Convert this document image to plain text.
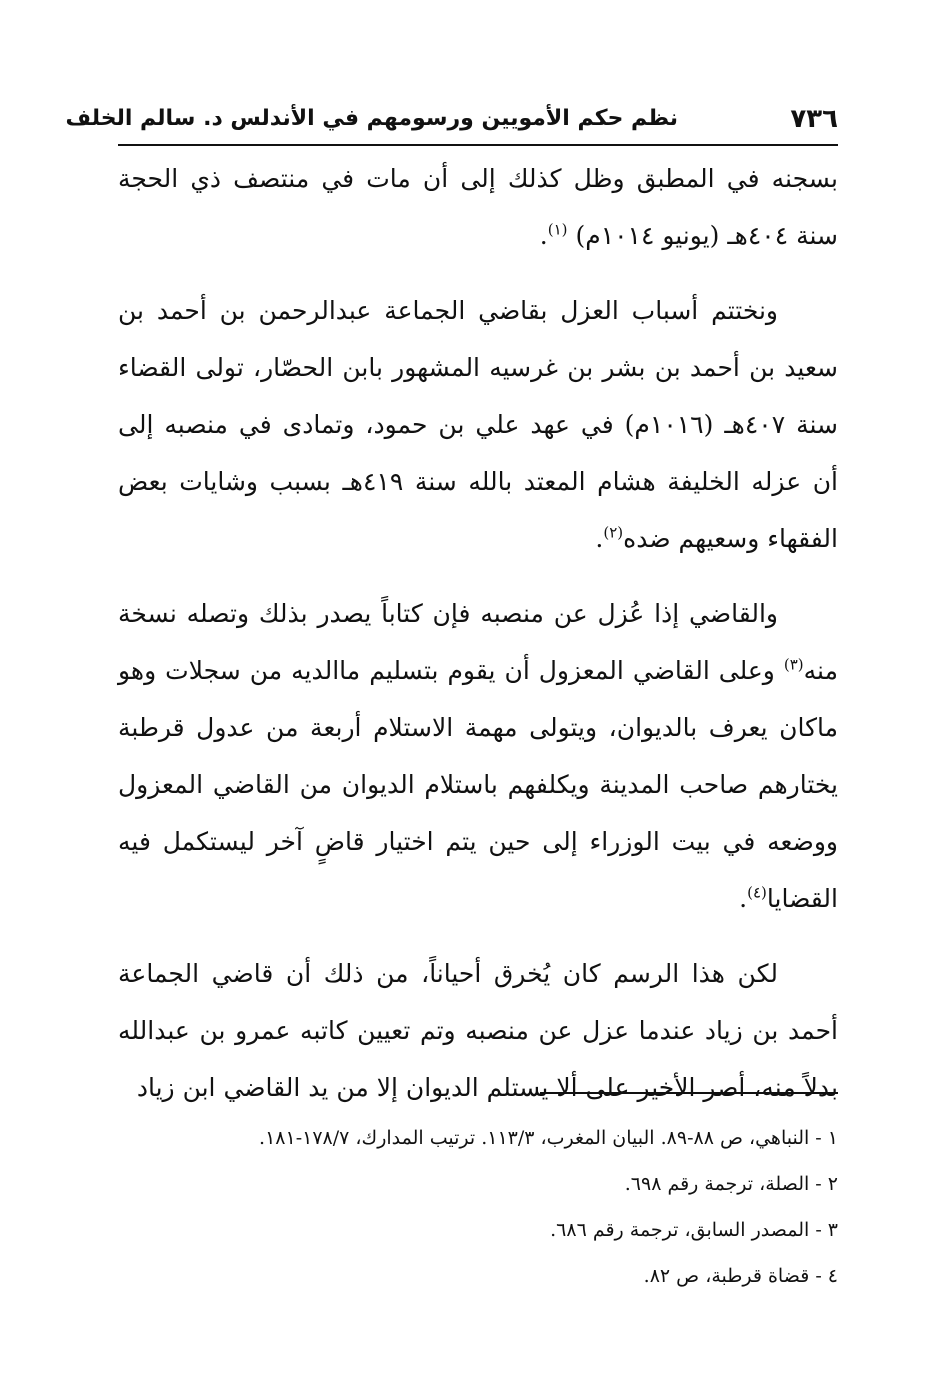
٧٣٦
نظم حكم الأمويين ورسومهم في الأندلس د. سالم الخلف

بسجنه في المطبق وظل كذلك إلى أن مات في منتصف ذي الحجة سنة ٤٠٤هـ (يونيو ١٠١٤م) $^{(١)}$.

ونختتم أسباب العزل بقاضي الجماعة عبدالرحمن بن أحمد بن سعيد بن أحمد بن بشر بن غرسيه المشهور بابن الحصّار، تولى القضاء سنة ٤٠٧هـ (١٠١٦م) في عهد علي بن حمود، وتمادى في منصبه إلى أن عزله الخليفة هشام المعتد بالله سنة ٤١٩هـ بسبب وشايات بعض الفقهاء وسعيهم ضده$^{(٢)}$.

والقاضي إذا عُزل عن منصبه فإن كتاباً يصدر بذلك وتصله نسخة منه$^{(٣)}$ وعلى القاضي المعزول أن يقوم بتسليم ماالديه من سجلات وهو ماكان يعرف بالديوان، ويتولى مهمة الاستلام أربعة من عدول قرطبة يختارهم صاحب المدينة ويكلفهم باستلام الديوان من القاضي المعزول ووضعه في بيت الوزراء إلى حين يتم اختيار قاضٍ آخر ليستكمل فيه القضايا$^{(٤)}$.

لكن هذا الرسم كان يُخرق أحياناً، من ذلك أن قاضي الجماعة أحمد بن زياد عندما عزل عن منصبه وتم تعيين كاتبه عمرو بن عبدالله بدلاً منه، أصر الأخير على ألا يستلم الديوان إلا من يد القاضي ابن زياد

١ - النباهي، ص ٨٨-٨٩. البيان المغرب، ١١٣/٣. ترتيب المدارك، ١٧٨/٧-١٨١.
٢ - الصلة، ترجمة رقم ٦٩٨.
٣ - المصدر السابق، ترجمة رقم ٦٨٦.
٤ - قضاة قرطبة، ص ٨٢.
